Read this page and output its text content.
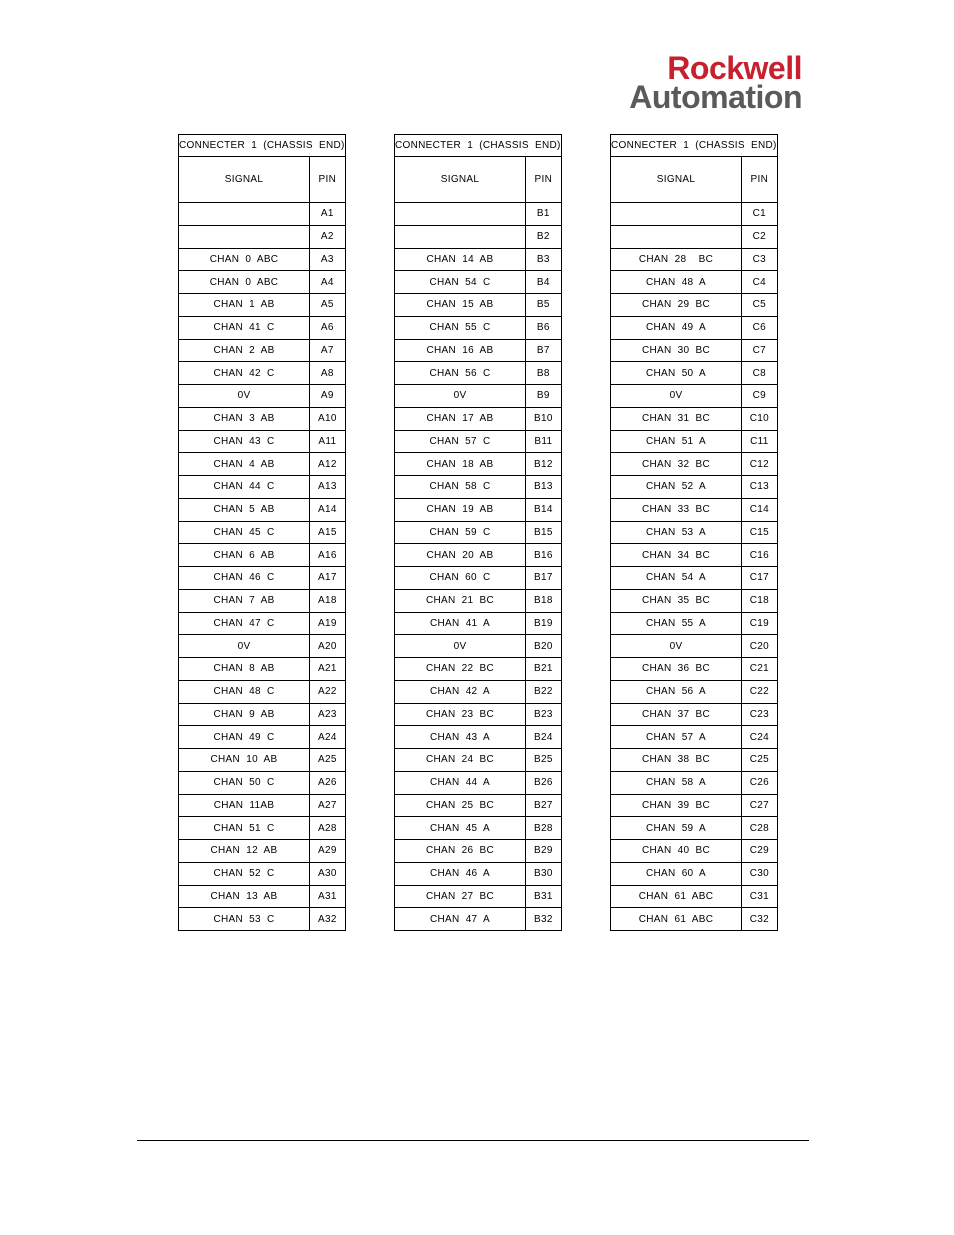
Rockwell
Automation
CONNECTER  1  (CHASSIS  END)	
SIGNAL	PIN
	A1
	A2
CHAN  0  ABC	A3
CHAN  0  ABC	A4
CHAN  1  AB	A5
CHAN  41  C	A6
CHAN  2  AB	A7
CHAN  42  C	A8
0V	A9
CHAN  3  AB	A10
CHAN  43  C	A11
CHAN  4  AB	A12
CHAN  44  C	A13
CHAN  5  AB	A14
CHAN  45  C	A15
CHAN  6  AB	A16
CHAN  46  C	A17
CHAN  7  AB	A18
CHAN  47  C	A19
0V	A20
CHAN  8  AB	A21
CHAN  48  C	A22
CHAN  9  AB	A23
CHAN  49  C	A24
CHAN  10  AB	A25
CHAN  50  C	A26
CHAN  11AB	A27
CHAN  51  C	A28
CHAN  12  AB	A29
CHAN  52  C	A30
CHAN  13  AB	A31
CHAN  53  C	A32
CONNECTER  1  (CHASSIS  END)	
SIGNAL	PIN
	B1
	B2
CHAN  14  AB	B3
CHAN  54  C	B4
CHAN  15  AB	B5
CHAN  55  C	B6
CHAN  16  AB	B7
CHAN  56  C	B8
0V	B9
CHAN  17  AB	B10
CHAN  57  C	B11
CHAN  18  AB	B12
CHAN  58  C	B13
CHAN  19  AB	B14
CHAN  59  C	B15
CHAN  20  AB	B16
CHAN  60  C	B17
CHAN  21  BC	B18
CHAN  41  A	B19
0V	B20
CHAN  22  BC	B21
CHAN  42  A	B22
CHAN  23  BC	B23
CHAN  43  A	B24
CHAN  24  BC	B25
CHAN  44  A	B26
CHAN  25  BC	B27
CHAN  45  A	B28
CHAN  26  BC	B29
CHAN  46  A	B30
CHAN  27  BC	B31
CHAN  47  A	B32
CONNECTER  1  (CHASSIS  END)	
SIGNAL	PIN
	C1
	C2
CHAN  28    BC	C3
CHAN  48  A	C4
CHAN  29  BC	C5
CHAN  49  A	C6
CHAN  30  BC	C7
CHAN  50  A	C8
0V	C9
CHAN  31  BC	C10
CHAN  51  A	C11
CHAN  32  BC	C12
CHAN  52  A	C13
CHAN  33  BC	C14
CHAN  53  A	C15
CHAN  34  BC	C16
CHAN  54  A	C17
CHAN  35  BC	C18
CHAN  55  A	C19
0V	C20
CHAN  36  BC	C21
CHAN  56  A	C22
CHAN  37  BC	C23
CHAN  57  A	C24
CHAN  38  BC	C25
CHAN  58  A	C26
CHAN  39  BC	C27
CHAN  59  A	C28
CHAN  40  BC	C29
CHAN  60  A	C30
CHAN  61  ABC	C31
CHAN  61  ABC	C32
